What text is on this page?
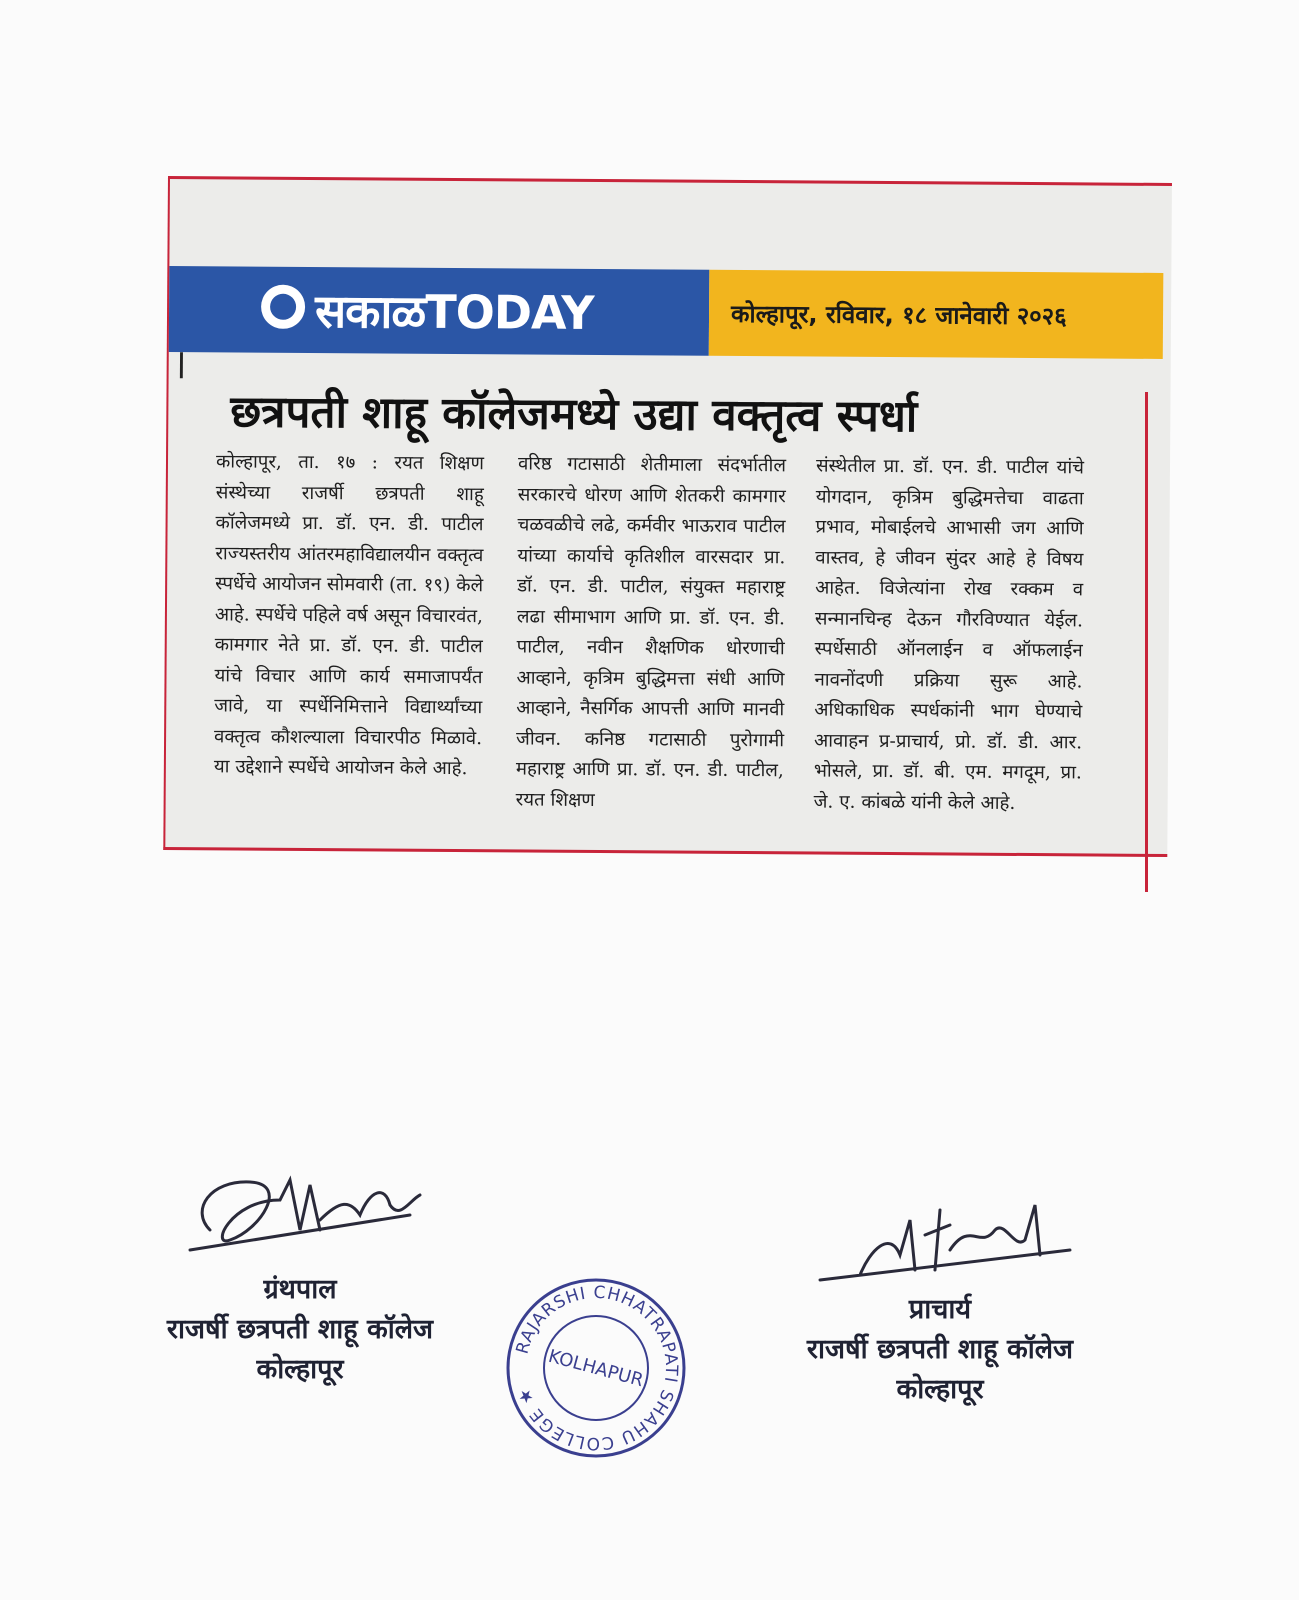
सकाळTODAY	कोल्हापूर, रविवार, १८ जानेवारी २०२६
|
छत्रपती शाहू कॉलेजमध्ये उद्या वक्तृत्व स्पर्धा

कोल्हापूर, ता. १७ : रयत शिक्षण संस्थेच्या राजर्षी छत्रपती शाहू कॉलेजमध्ये प्रा. डॉ. एन. डी. पाटील राज्यस्तरीय आंतरमहाविद्यालयीन वक्तृत्व स्पर्धेचे आयोजन सोमवारी (ता. १९) केले आहे. स्पर्धेचे पहिले वर्ष असून विचारवंत, कामगार नेते प्रा. डॉ. एन. डी. पाटील यांचे विचार आणि कार्य समाजापर्यंत जावे, या स्पर्धेनिमित्ताने विद्यार्थ्यांच्या वक्तृत्व कौशल्याला विचारपीठ मिळावे. या उद्देशाने स्पर्धेचे आयोजन केले आहे.

वरिष्ठ गटासाठी शेतीमाला संदर्भातील सरकारचे धोरण आणि शेतकरी कामगार चळवळीचे लढे, कर्मवीर भाऊराव पाटील यांच्या कार्याचे कृतिशील वारसदार प्रा. डॉ. एन. डी. पाटील, संयुक्त महाराष्ट्र लढा सीमाभाग आणि प्रा. डॉ. एन. डी. पाटील, नवीन शैक्षणिक धोरणाची आव्हाने, कृत्रिम बुद्धिमत्ता संधी आणि आव्हाने, नैसर्गिक आपत्ती आणि मानवी जीवन. कनिष्ठ गटासाठी पुरोगामी महाराष्ट्र आणि प्रा. डॉ. एन. डी. पाटील, रयत शिक्षण

संस्थेतील प्रा. डॉ. एन. डी. पाटील यांचे योगदान, कृत्रिम बुद्धिमत्तेचा वाढता प्रभाव, मोबाईलचे आभासी जग आणि वास्तव, हे जीवन सुंदर आहे हे विषय आहेत. विजेत्यांना रोख रक्कम व सन्मानचिन्ह देऊन गौरविण्यात येईल. स्पर्धेसाठी ऑनलाईन व ऑफलाईन नावनोंदणी प्रक्रिया सुरू आहे. अधिकाधिक स्पर्धकांनी भाग घेण्याचे आवाहन प्र-प्राचार्य, प्रो. डॉ. डी. आर. भोसले, प्रा. डॉ. बी. एम. मगदूम, प्रा. जे. ए. कांबळे यांनी केले आहे.

ग्रंथपाल
राजर्षी छत्रपती शाहू कॉलेज
कोल्हापूर
RAJARSHI CHHATRAPATI SHAHU COLLEGE ★
KOLHAPUR
प्राचार्य
राजर्षी छत्रपती शाहू कॉलेज
कोल्हापूर
